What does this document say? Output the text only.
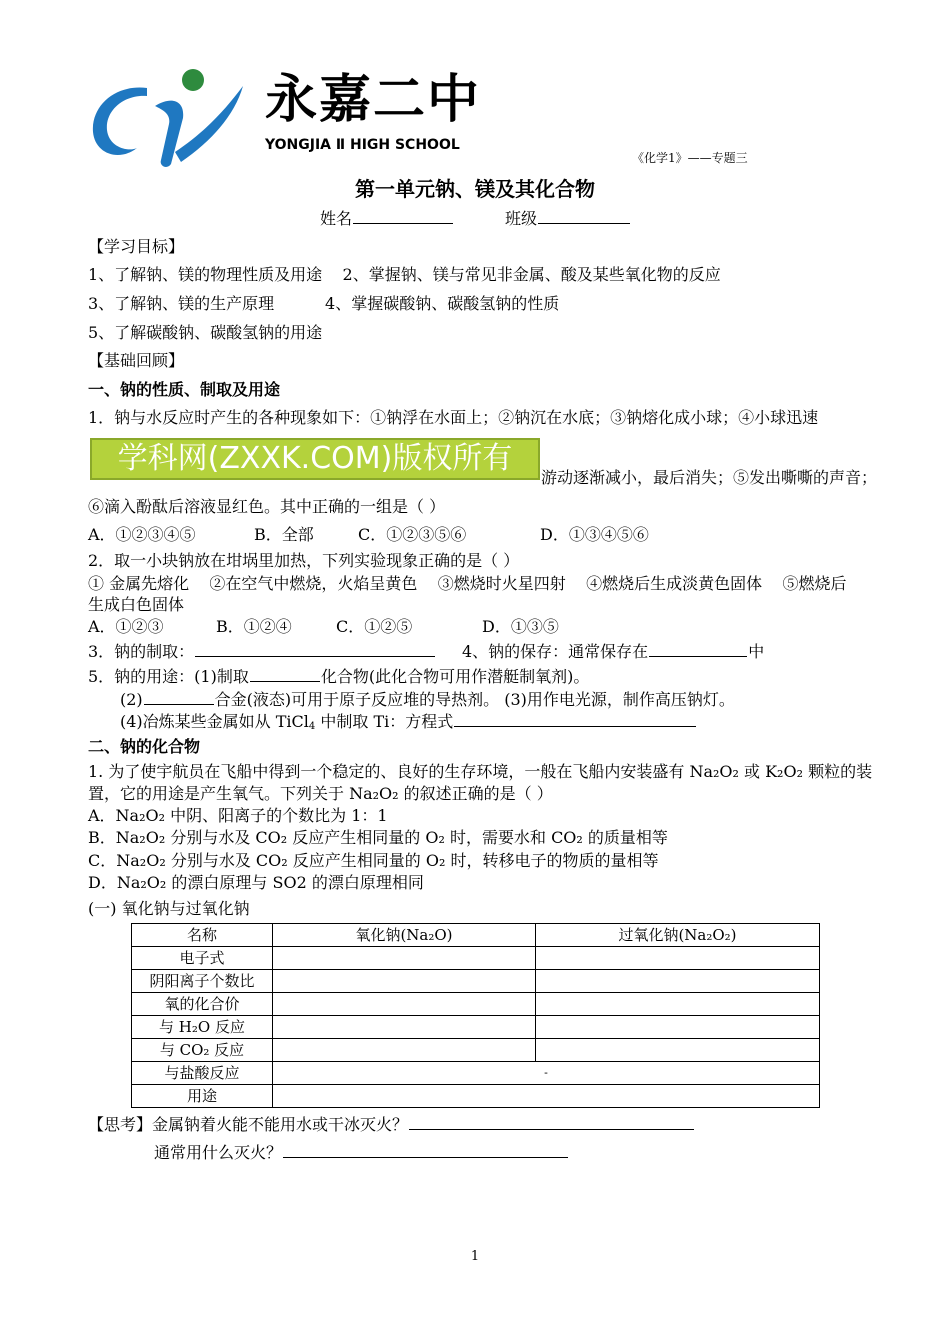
永嘉二中
YONGJIA Ⅱ HIGH SCHOOL
《化学1》——专题三
第一单元钠、镁及其化合物
姓名	班级
【学习目标】
1、了解钠、镁的物理性质及用途    2、掌握钠、镁与常见非金属、酸及某些氧化物的反应
3、了解钠、镁的生产原理          4、掌握碳酸钠、碳酸氢钠的性质
5、了解碳酸钠、碳酸氢钠的用途
【基础回顾】
一、钠的性质、制取及用途
1．钠与水反应时产生的各种现象如下：①钠浮在水面上；②钠沉在水底；③钠熔化成小球；④小球迅速
学科网(ZXXK.COM)版权所有
游动逐渐减小，最后消失；⑤发出嘶嘶的声音；
⑥滴入酚酞后溶液显红色。其中正确的一组是（ ）
A．①②③④⑤	B．全部	C．①②③⑤⑥	D．①③④⑤⑥
2．取一小块钠放在坩埚里加热，下列实验现象正确的是（ ）
① 金属先熔化    ②在空气中燃烧，火焰呈黄色    ③燃烧时火星四射    ④燃烧后生成淡黄色固体    ⑤燃烧后
生成白色固体
A．①②③	B．①②④	C．①②⑤	D．①③⑤
3．钠的制取：	4、钠的保存：通常保存在	中
5．钠的用途：(1)制取	化合物(此化合物可用作潜艇制氧剂)。
(2)	合金(液态)可用于原子反应堆的导热剂。 (3)用作电光源，制作高压钠灯。
(4)冶炼某些金属如从 TiCl$_4$ 中制取 Ti：方程式
二、钠的化合物
1. 为了使宇航员在飞船中得到一个稳定的、良好的生存环境，一般在飞船内安装盛有 Na₂O₂ 或 K₂O₂ 颗粒的装
置，它的用途是产生氧气。下列关于 Na₂O₂ 的叙述正确的是（ ）
A．Na₂O₂ 中阴、阳离子的个数比为 1：1
B．Na₂O₂ 分别与水及 CO₂ 反应产生相同量的 O₂ 时，需要水和 CO₂ 的质量相等
C．Na₂O₂ 分别与水及 CO₂ 反应产生相同量的 O₂ 时，转移电子的物质的量相等
D．Na₂O₂ 的漂白原理与 SO2 的漂白原理相同
(一) 氧化钠与过氧化钠
名称	氧化钠(Na₂O)	过氧化钠(Na₂O₂)
电子式		
阴阳离子个数比		
氧的化合价		
与 H₂O 反应		
与 CO₂ 反应		
与盐酸反应	-	
用途		
【思考】金属钠着火能不能用水或干冰灭火？
通常用什么灭火？
1
